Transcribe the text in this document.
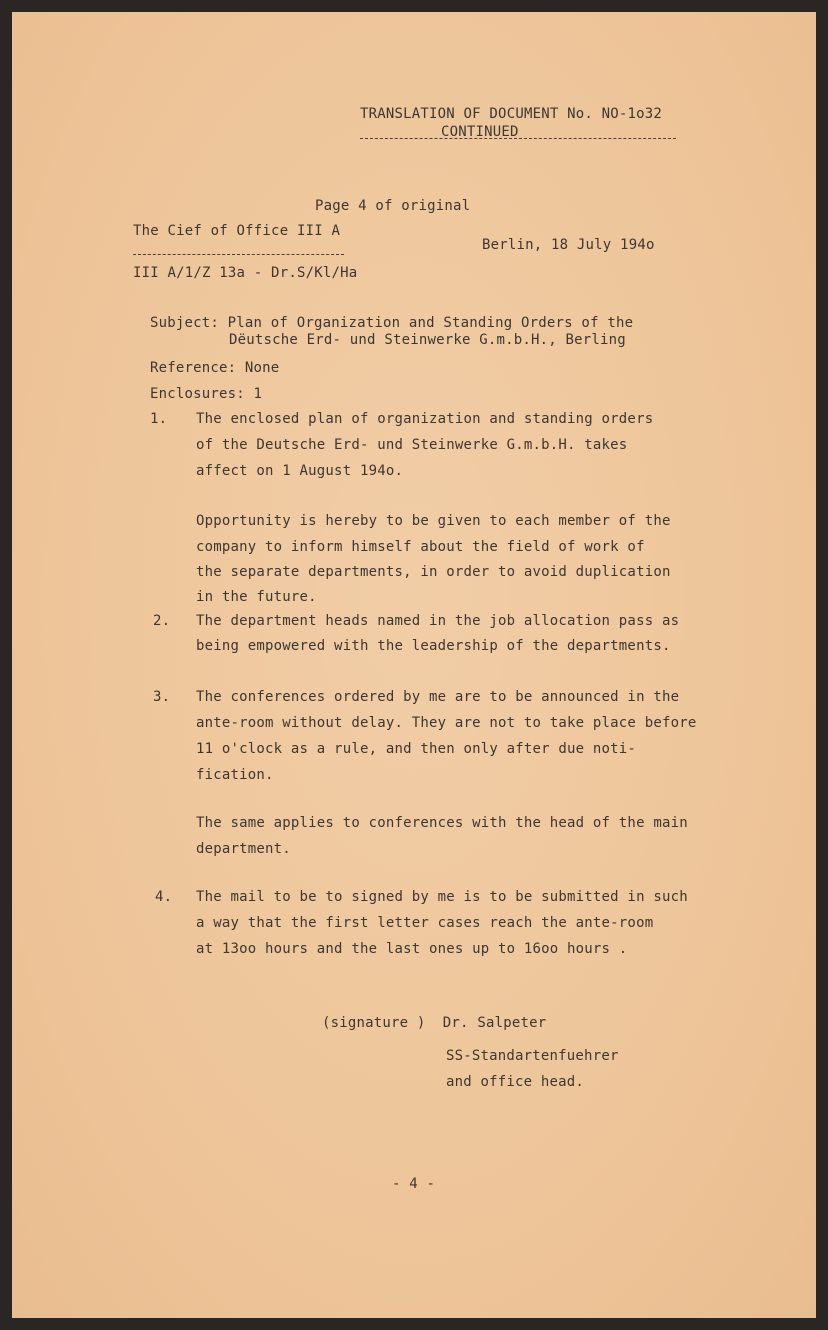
TRANSLATION OF DOCUMENT No. NO-1o32
CONTINUED
Page 4 of original
The Cief of Office III A
Berlin, 18 July 194o
III A/1/Z 13a - Dr.S/Kl/Ha
Subject: Plan of Organization and Standing Orders of the
Dёutsche Erd- und Steinwerke G.m.b.H., Berling
Reference: None
Enclosures: 1
1. The enclosed plan of organization and standing orders
of the Deutsche Erd- und Steinwerke G.m.b.H. takes
affect on 1 August 194o.
Opportunity is hereby to be given to each member of the
company to inform himself about the field of work of
the separate departments, in order to avoid duplication
in the future.
2. The department heads named in the job allocation pass as
being empowered with the leadership of the departments.
3. The conferences ordered by me are to be announced in the
ante-room without delay. They are not to take place before
11 o'clock as a rule, and then only after due noti-
fication.
The same applies to conferences with the head of the main
department.
4. The mail to be to signed by me is to be submitted in such
a way that the first letter cases reach the ante-room
at 13oo hours and the last ones up to 16oo hours .
(signature )  Dr. Salpeter
SS-Standartenfuehrer
and office head.
- 4 -
